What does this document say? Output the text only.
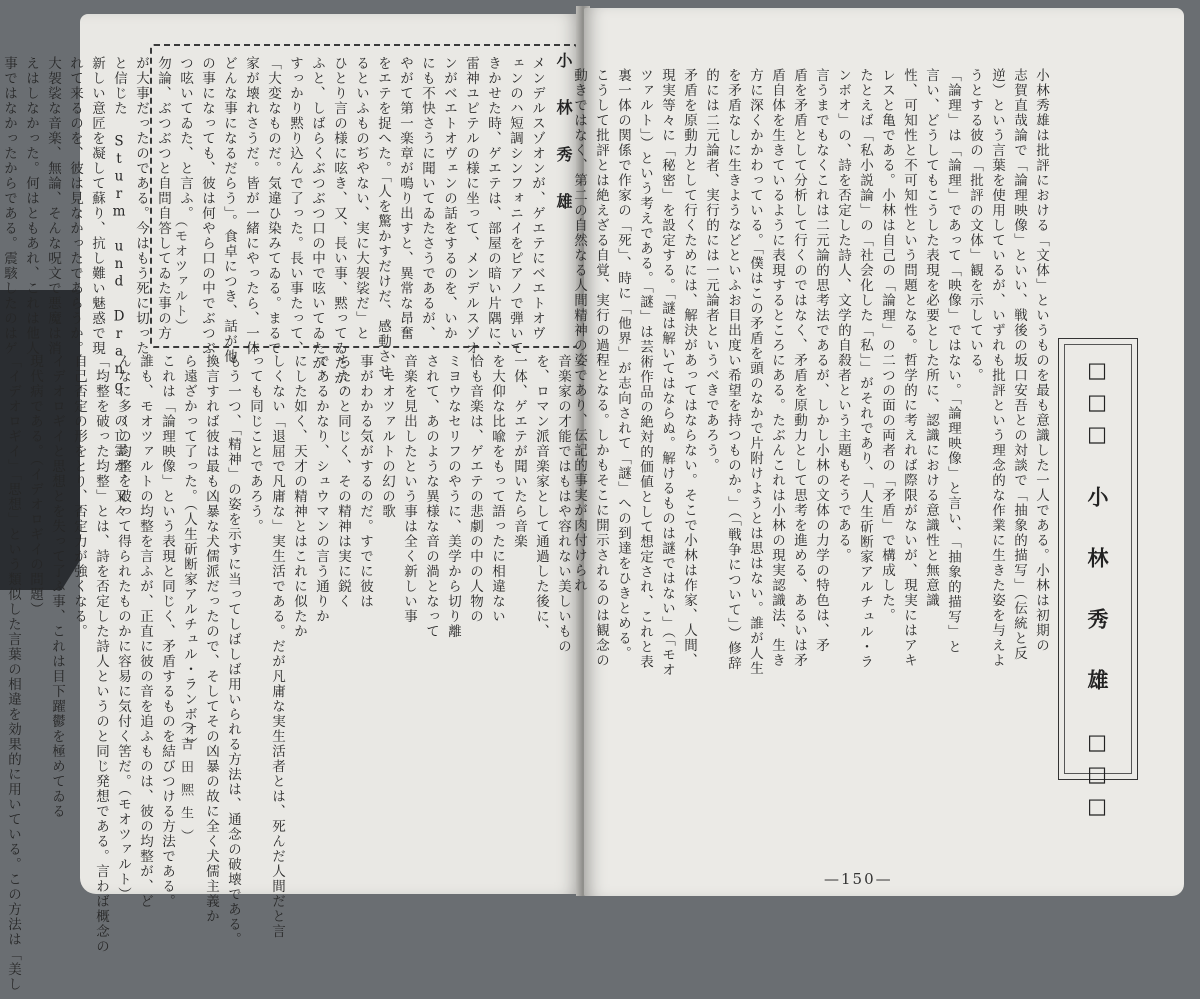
小 林 秀 雄
メンデルスゾオンが、ゲエテにベエトオヴ
ェンのハ短調シンフォニイをピアノで弾いて
きかせた時、ゲエテは、部屋の暗い片隅に、
雷神ユピテルの様に坐って、メンデルスゾオ
ンがベエトオヴェンの話をするのを、いか
にも不快さうに聞いてゐたさうであるが、
やがて第一楽章が鳴り出すと、異常な昂奮
をエテを捉へた。「人を驚かすだけだ、感動させ
るといふものぢやない、実に大袈裟だ」と
ひとり言の様に呟き、又、長い事、黙ってゐたが、
ふと、しばらくぶつぶつ口の中で呟いてゐたが、
すっかり黙り込んで了った。長い事たって、
「大変なものだ。気違ひ染みてゐる。まるで
家が壊れさうだ。皆が一緒にやったら、一体
どんな事になるだらう」。食卓につき、話が他
の事になっても、彼は何やら口の中でぶつぶ
つ呟いてゐた、と言ふ。
勿論、ぶつぶつと自問自答してゐた事の方
が大事だったのである。今はもう死に切った
と信じた Sturm und Drang の亡霊が、又々
新しい意匠を凝して蘇り、抗し難い魅惑で現
れて来るのを、彼は見なかったであらうか。
大袈裟な音楽、無論、そんな呪文で悪魔は消
えはしなかった。何はともあれ、これは他人
事ではなかったからである。震駭したのはゲ	（モオツァルト）
音楽家の才能ではもはや容れない美しいもの
を、ロマン派音楽家として通過した後に、
一体、ゲエテが聞いたら音楽
を大仰な比喩をもって語ったに相違ない
恰も音楽は、ゲエテの悲劇の中の人物の
ミヨウなセリフのやうに、美学から切り離
されて、あのような異様な音の渦となって
音楽を見出したという事は全く新しい事
、モオツァルトの幻の歌
事がわかる気がするのだ。すでに彼は
ちたのと同じく、その精神は実に鋭く
であるかなり、シュウマンの言う通りか
にした如く、天才の精神とはこれに似たか
しくない「退屈で凡庸な」実生活である。だが凡庸な実生活者とは、死んだ人間だと言
っても同じことであろう。
もう一つ、「精神」の姿を示すに当ってしばしば用いられる方法は、通念の破壊である。
換言すれば彼は最も凶暴な犬儒派だったので、そしてその凶暴の故に全く犬儒主義か
ら遠ざかって了った。（人生斫断家アルチュル・ランボオ）
これは「論理映像」という表現と同じく、矛盾するものを結びつける方法である。
誰も、モオツァルトの均整を言ふが、正直に彼の音を追ふものは、彼の均整が、ど
んなに多くの均整を破って得られたものかに容易に気付く筈だ。（モオツァルト）
「均整を破った均整」とは、詩を否定した詩人というのと同じ発想である。言わば概念の
自己否定の形をとり、否定力が強くなる。
イデオロギイと思想とを失って了ふ事、これは目下躍鬱を極めてゐる
現代病である。（イデオロギイの問題）
「イデオロギイ」「思想」という類似した言葉の相違を効果的に用いている。この方法は「美し	（吉田熈生）	□□□ 小 林 秀 雄 □□□
小林秀雄は批評における「文体」というものを最も意識した一人である。小林は初期の
志賀直哉論で「論理映像」といい、戦後の坂口安吾との対談で「抽象的描写」（伝統と反
逆）という言葉を使用しているが、いずれも批評という理念的な作業に生きた姿を与えよ
うとする彼の「批評の文体」観を示している。
「論理」は「論理」であって「映像」ではない。「論理映像」と言い、「抽象的描写」と
言い、どうしてもこうした表現を必要とした所に、認識における意識性と無意識
性、可知性と不可知性という問題となる。哲学的に考えれば際限がないが、現実にはアキ
レスと亀である。小林は自己の「論理」の二つの面の両者の「矛盾」で構成した。
たとえば「私小説論」の「社会化した「私」」がそれであり、「人生斫断家アルチュル・ラ
ンボオ」の、詩を否定した詩人、文学的自殺者という主題もそうである。
言うまでもなくこれは二元論的思考法であるが、しかし小林の文体の力学の特色は、矛
盾を矛盾として分析して行くのではなく、矛盾を原動力として思考を進める、あるいは矛
盾自体を生きているように表現するところにある。たぶんこれは小林の現実認識法、生き
方に深くかかわっている。「僕はこの矛盾を頭のなかで片附けようとは思はない。誰が人生
を矛盾なしに生きようなどといふお目出度い希望を持つものか。」（「戦争について」）修辞
的には二元論者、実行的には一元論者というべきであろう。
矛盾を原動力として行くためには、解決があってはならない。そこで小林は作家、人間、
現実等々に「秘密」を設定する。「謎は解いてはならぬ。解けるものは謎ではない」（「モオ
ツァルト」）という考えである。「謎」は芸術作品の絶対的価値として想定され、これと表
裏一体の関係で作家の「死」、時に「他界」が志向されて「謎」への到達をひきとめる。
こうして批評とは絶えざる自覚、実行の過程となる。しかもそこに開示されるのは観念の
動きではなく、第二の自然なる人間精神の姿であり、伝記的事実が肉付けられ
—150—
